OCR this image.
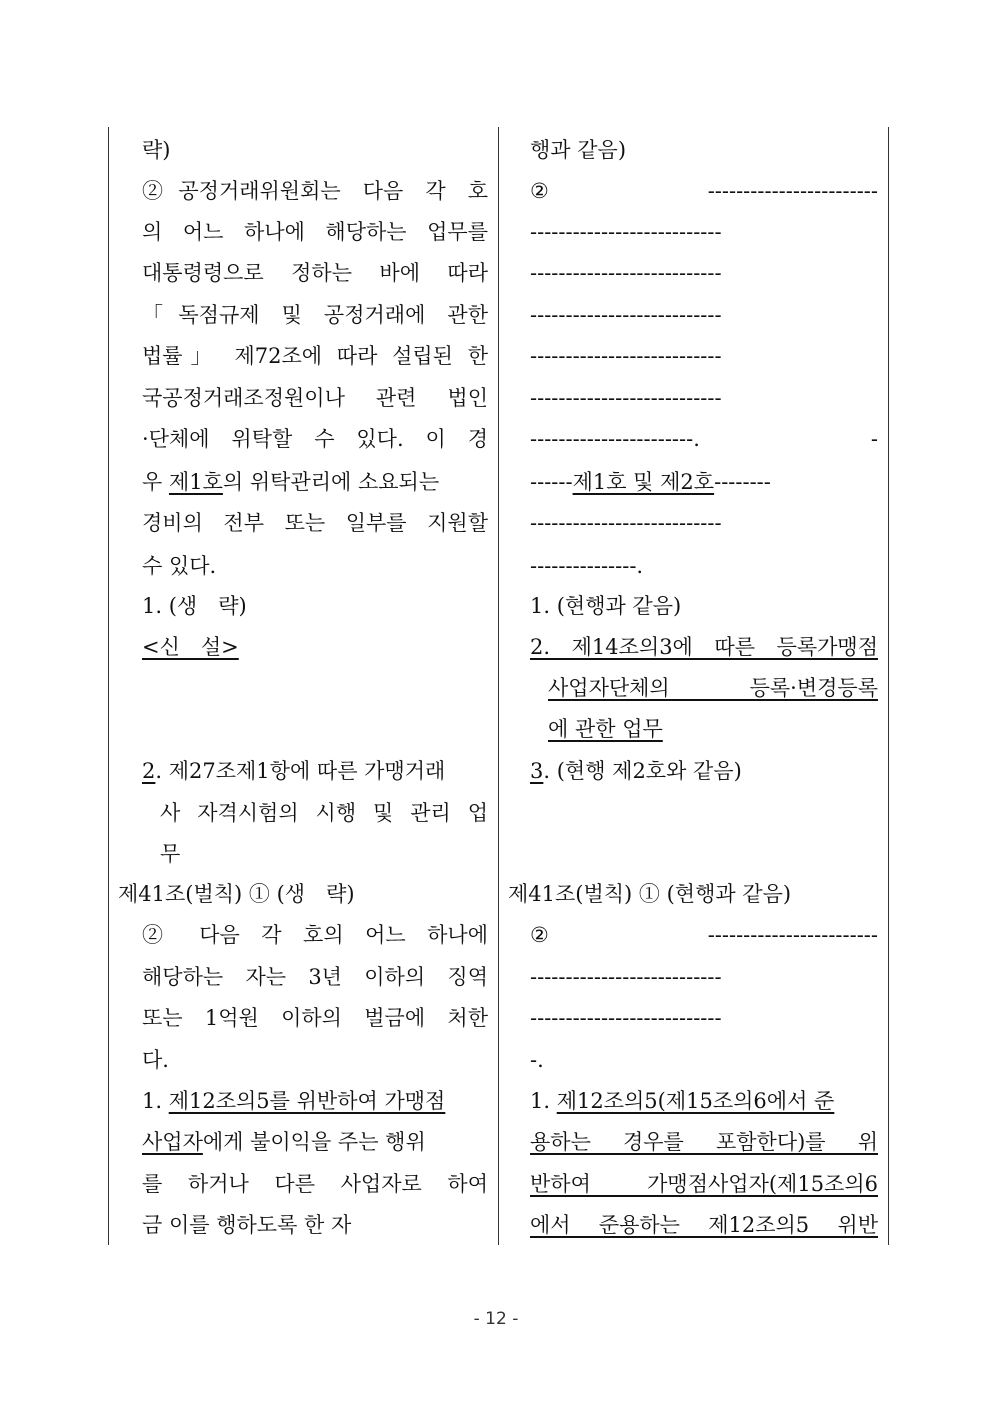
략)
②공정거래위원회는 다음 각 호
의 어느 하나에 해당하는 업무를
대통령령으로 정하는 바에 따라
「독점규제 및 공정거래에 관한
법률」 제72조에 따라 설립된 한
국공정거래조정원이나 관련 법인
·단체에 위탁할 수 있다. 이 경
우 제1호의 위탁관리에 소요되는
경비의 전부 또는 일부를 지원할
수 있다.
1. (생　략)
<신　설>
2. 제27조제1항에 따른 가맹거래
사 자격시험의 시행 및 관리 업
무
제41조(벌칙) ① (생　략)
② 다음 각 호의 어느 하나에
해당하는 자는 3년 이하의 징역
또는 1억원 이하의 벌금에 처한
다.
1. 제12조의5를 위반하여 가맹점
사업자에게 불이익을 주는 행위
를 하거나 다른 사업자로 하여
금 이를 행하도록 한 자
행과 같음)
②------------------------
---------------------------
---------------------------
---------------------------
---------------------------
---------------------------
-----------------------. -
------제1호 및 제2호--------
---------------------------
---------------.
1. (현행과 같음)
2. 제14조의3에 따른 등록가맹점
사업자단체의　등록·변경등록
에 관한 업무
3. (현행 제2호와 같음)
제41조(벌칙) ① (현행과 같음)
② ------------------------
---------------------------
---------------------------
-.
1. 제12조의5(제15조의6에서 준
용하는 경우를 포함한다)를 위
반하여 가맹점사업자(제15조의6
에서 준용하는 제12조의5 위반
- 12 -
